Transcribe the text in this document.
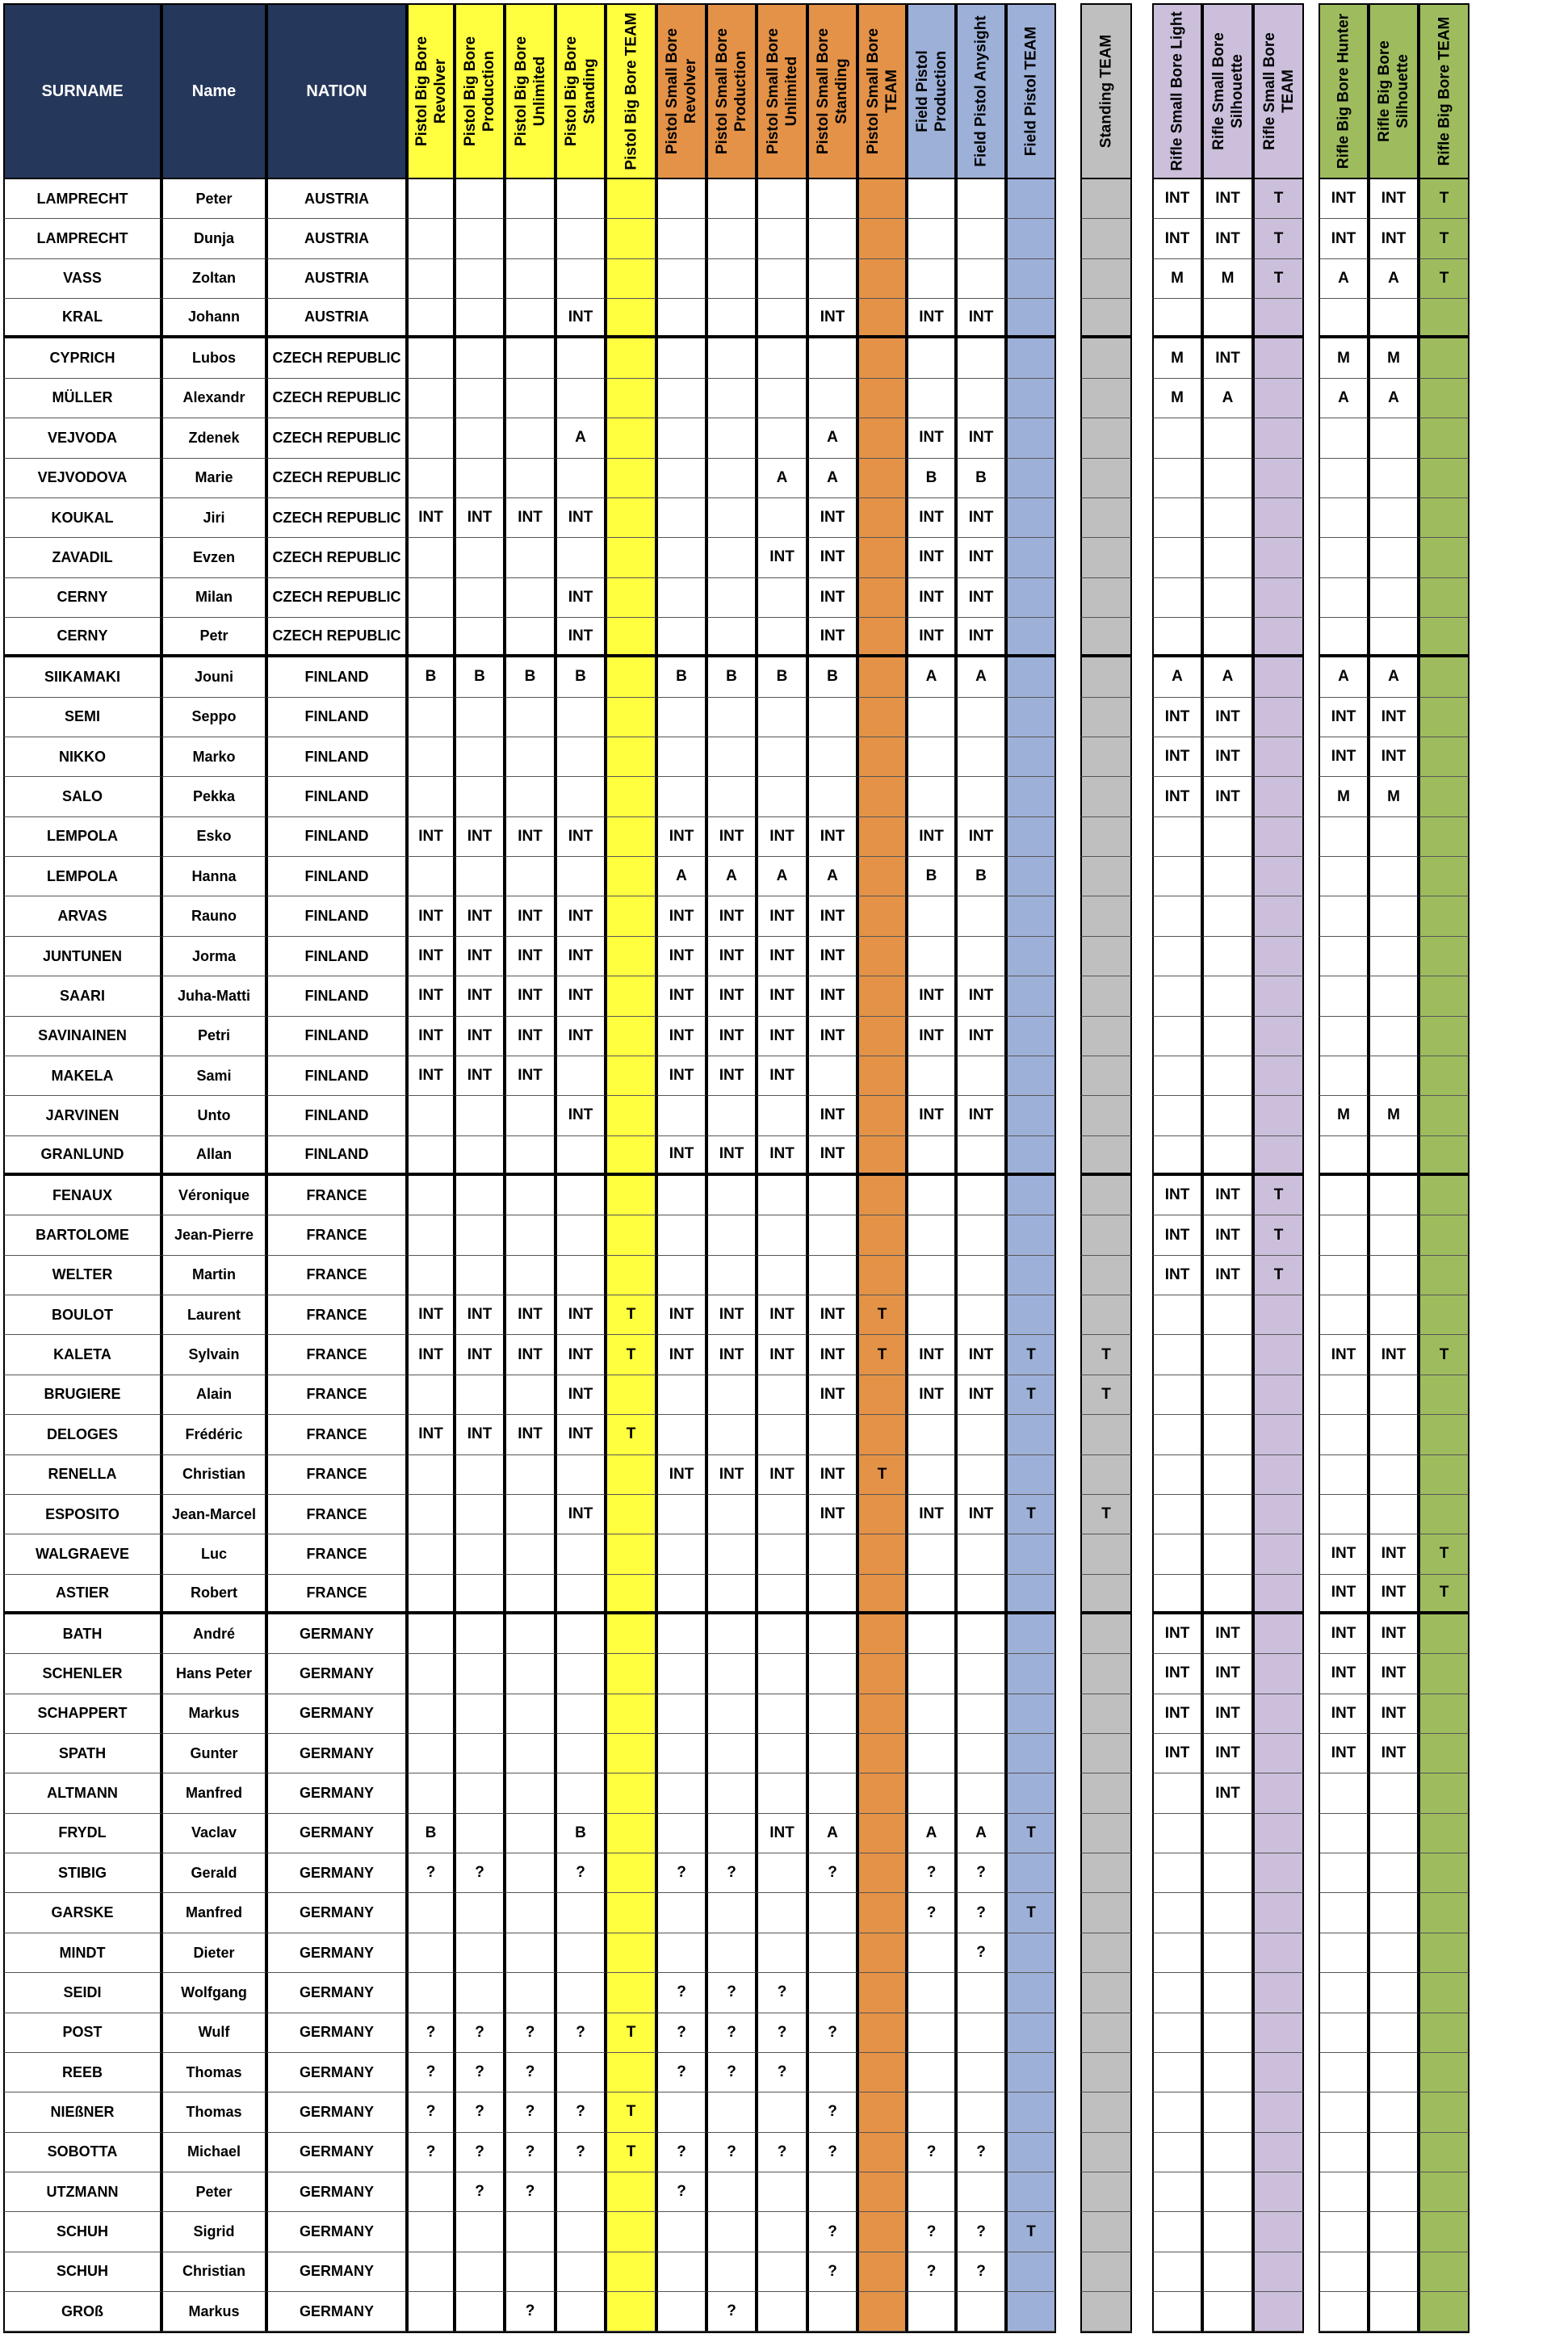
SURNAME
LAMPRECHT
LAMPRECHT
VASS
KRAL
CYPRICH
MÜLLER
VEJVODA
VEJVODOVA
KOUKAL
ZAVADIL
CERNY
CERNY
SIIKAMAKI
SEMI
NIKKO
SALO
LEMPOLA
LEMPOLA
ARVAS
JUNTUNEN
SAARI
SAVINAINEN
MAKELA
JARVINEN
GRANLUND
FENAUX
BARTOLOME
WELTER
BOULOT
KALETA
BRUGIERE
DELOGES
RENELLA
ESPOSITO
WALGRAEVE
ASTIER
BATH
SCHENLER
SCHAPPERT
SPATH
ALTMANN
FRYDL
STIBIG
GARSKE
MINDT
SEIDI
POST
REEB
NIEßNER
SOBOTTA
UTZMANN
SCHUH
SCHUH
GROß
Name
Peter
Dunja
Zoltan
Johann
Lubos
Alexandr
Zdenek
Marie
Jiri
Evzen
Milan
Petr
Jouni
Seppo
Marko
Pekka
Esko
Hanna
Rauno
Jorma
Juha-Matti
Petri
Sami
Unto
Allan
Véronique
Jean-Pierre
Martin
Laurent
Sylvain
Alain
Frédéric
Christian
Jean-Marcel
Luc
Robert
André
Hans Peter
Markus
Gunter
Manfred
Vaclav
Gerald
Manfred
Dieter
Wolfgang
Wulf
Thomas
Thomas
Michael
Peter
Sigrid
Christian
Markus
NATION
AUSTRIA
AUSTRIA
AUSTRIA
AUSTRIA
CZECH REPUBLIC
CZECH REPUBLIC
CZECH REPUBLIC
CZECH REPUBLIC
CZECH REPUBLIC
CZECH REPUBLIC
CZECH REPUBLIC
CZECH REPUBLIC
FINLAND
FINLAND
FINLAND
FINLAND
FINLAND
FINLAND
FINLAND
FINLAND
FINLAND
FINLAND
FINLAND
FINLAND
FINLAND
FRANCE
FRANCE
FRANCE
FRANCE
FRANCE
FRANCE
FRANCE
FRANCE
FRANCE
FRANCE
FRANCE
GERMANY
GERMANY
GERMANY
GERMANY
GERMANY
GERMANY
GERMANY
GERMANY
GERMANY
GERMANY
GERMANY
GERMANY
GERMANY
GERMANY
GERMANY
GERMANY
GERMANY
GERMANY
Pistol Big Bore Revolver
INT
B
INT
INT
INT
INT
INT
INT
INT
INT
INT
B
?
?
?
?
?
Pistol Big Bore Production
INT
B
INT
INT
INT
INT
INT
INT
INT
INT
INT
?
?
?
?
?
?
Pistol Big Bore Unlimited
INT
B
INT
INT
INT
INT
INT
INT
INT
INT
INT
?
?
?
?
?
?
Pistol Big Bore Standing
INT
A
INT
INT
INT
B
INT
INT
INT
INT
INT
INT
INT
INT
INT
INT
INT
B
?
?
?
?
Pistol Big Bore TEAM
T
T
T
T
T
T
Pistol Small Bore Revolver
B
INT
A
INT
INT
INT
INT
INT
INT
INT
INT
INT
?
?
?
?
?
?
Pistol Small Bore Production
B
INT
A
INT
INT
INT
INT
INT
INT
INT
INT
INT
?
?
?
?
?
?
Pistol Small Bore Unlimited
A
INT
B
INT
A
INT
INT
INT
INT
INT
INT
INT
INT
INT
INT
?
?
?
?
Pistol Small Bore Standing
INT
A
A
INT
INT
INT
INT
B
INT
A
INT
INT
INT
INT
INT
INT
INT
INT
INT
INT
INT
A
?
?
?
?
?
?
Pistol Small Bore TEAM
T
T
T
Field Pistol Production
INT
INT
B
INT
INT
INT
INT
A
INT
B
INT
INT
INT
INT
INT
INT
A
?
?
?
?
?
Field Pistol Anysight
INT
INT
B
INT
INT
INT
INT
A
INT
B
INT
INT
INT
INT
INT
INT
A
?
?
?
?
?
?
Field Pistol TEAM
T
T
T
T
T
T
Standing TEAM
T
T
T
Rifle Small Bore Light
INT
INT
M
M
M
A
INT
INT
INT
INT
INT
INT
INT
INT
INT
INT
Rifle Small Bore Silhouette
INT
INT
M
INT
A
A
INT
INT
INT
INT
INT
INT
INT
INT
INT
INT
INT
Rifle Small Bore TEAM
T
T
T
T
T
T
Rifle Big Bore Hunter
INT
INT
A
M
A
A
INT
INT
M
M
INT
INT
INT
INT
INT
INT
INT
Rifle Big Bore Silhouette
INT
INT
A
M
A
A
INT
INT
M
M
INT
INT
INT
INT
INT
INT
INT
Rifle Big Bore TEAM
T
T
T
T
T
T
